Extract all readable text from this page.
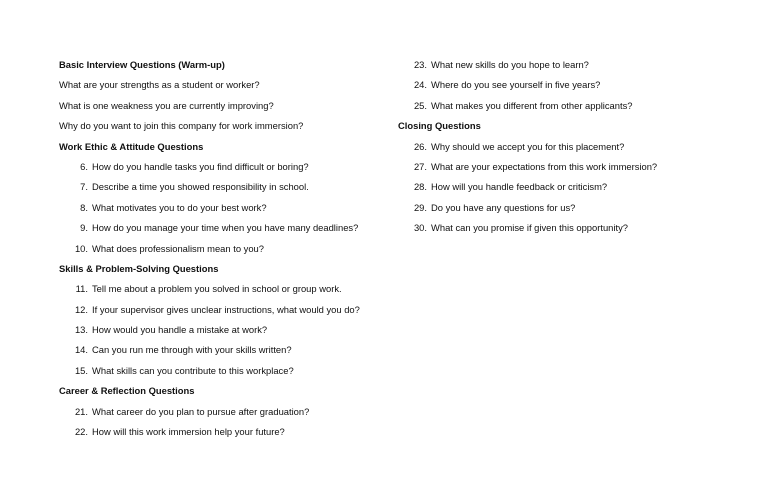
Basic Interview Questions (Warm-up)
What are your strengths as a student or worker?
What is one weakness you are currently improving?
Why do you want to join this company for work immersion?
Work Ethic & Attitude Questions
6. How do you handle tasks you find difficult or boring?
7. Describe a time you showed responsibility in school.
8. What motivates you to do your best work?
9. How do you manage your time when you have many deadlines?
10. What does professionalism mean to you?
Skills & Problem-Solving Questions
11. Tell me about a problem you solved in school or group work.
12. If your supervisor gives unclear instructions, what would you do?
13. How would you handle a mistake at work?
14. Can you run me through with your skills written?
15. What skills can you contribute to this workplace?
Career & Reflection Questions
21. What career do you plan to pursue after graduation?
22. How will this work immersion help your future?
23. What new skills do you hope to learn?
24. Where do you see yourself in five years?
25. What makes you different from other applicants?
Closing Questions
26. Why should we accept you for this placement?
27. What are your expectations from this work immersion?
28. How will you handle feedback or criticism?
29. Do you have any questions for us?
30. What can you promise if given this opportunity?
